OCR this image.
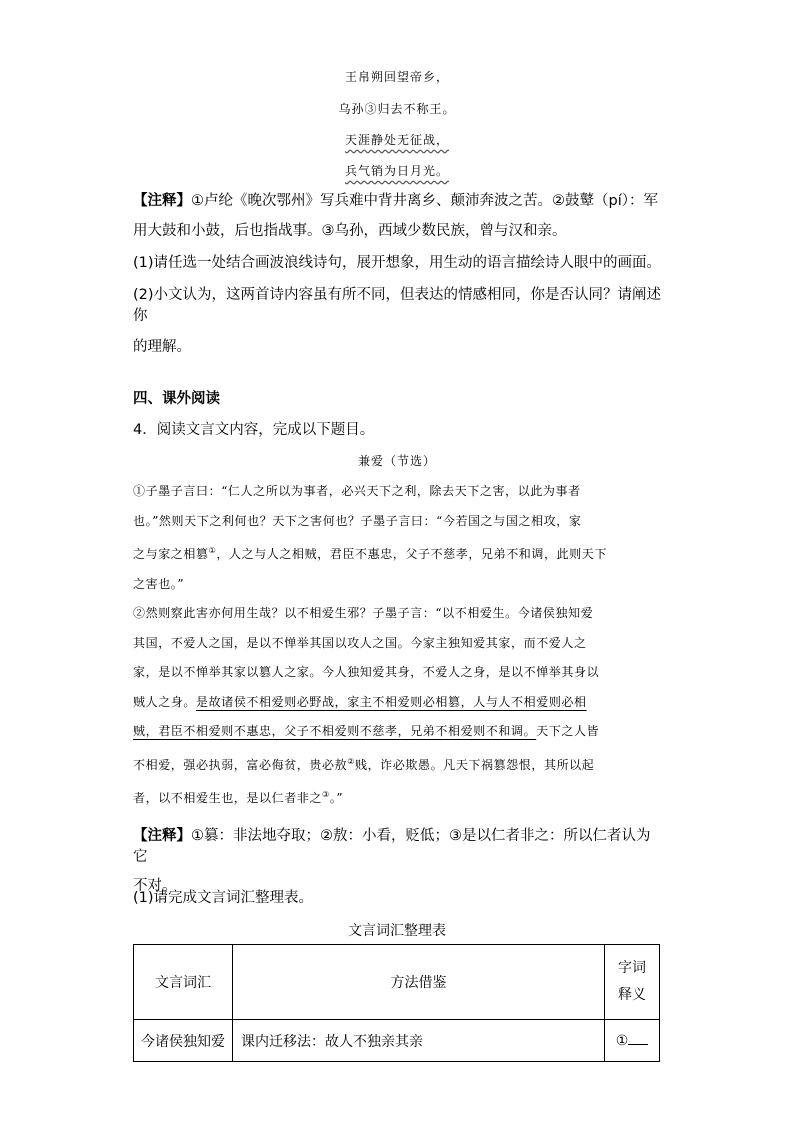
王帛朔回望帝乡，
乌孙③归去不称王。
天涯静处无征战，
兵气销为日月光。
【注释】①卢纶《晚次鄂州》写兵难中背井离乡、颠沛奔波之苦。②鼓鼙（pí）：军
用大鼓和小鼓，后也指战事。③乌孙，西域少数民族，曾与汉和亲。
(1)请任选一处结合画波浪线诗句，展开想象，用生动的语言描绘诗人眼中的画面。
(2)小文认为，这两首诗内容虽有所不同，但表达的情感相同，你是否认同？请阐述你
的理解。
四、课外阅读
4．阅读文言文内容，完成以下题目。
兼爱（节选）

①子墨子言曰：“仁人之所以为事者，必兴天下之利，除去天下之害，以此为事者

也。”然则天下之利何也？天下之害何也？子墨子言曰：“今若国之与国之相攻，家

之与家之相篡①，人之与人之相贼，君臣不惠忠，父子不慈孝，兄弟不和调，此则天下

之害也。”

②然则察此害亦何用生哉？以不相爱生邪？子墨子言：“以不相爱生。今诸侯独知爱

其国，不爱人之国，是以不惮举其国以攻人之国。今家主独知爱其家，而不爱人之

家，是以不惮举其家以篡人之家。今人独知爱其身，不爱人之身，是以不惮举其身以

贼人之身。是故诸侯不相爱则必野战，家主不相爱则必相篡，人与人不相爱则必相

贼，君臣不相爱则不惠忠，父子不相爱则不慈孝，兄弟不相爱则不和调。天下之人皆

不相爱，强必执弱，富必侮贫，贵必敖②贱，诈必欺愚。凡天下祸篡怨恨，其所以起

者，以不相爱生也，是以仁者非之③。”

【注释】①篡：非法地夺取；②敖：小看，贬低；③是以仁者非之：所以仁者认为它
不对。
(1)请完成文言词汇整理表。
文言词汇整理表
文言词汇	方法借鉴	字词
释义

今诸侯独知爱	课内迁移法：故人不独亲其亲	①
